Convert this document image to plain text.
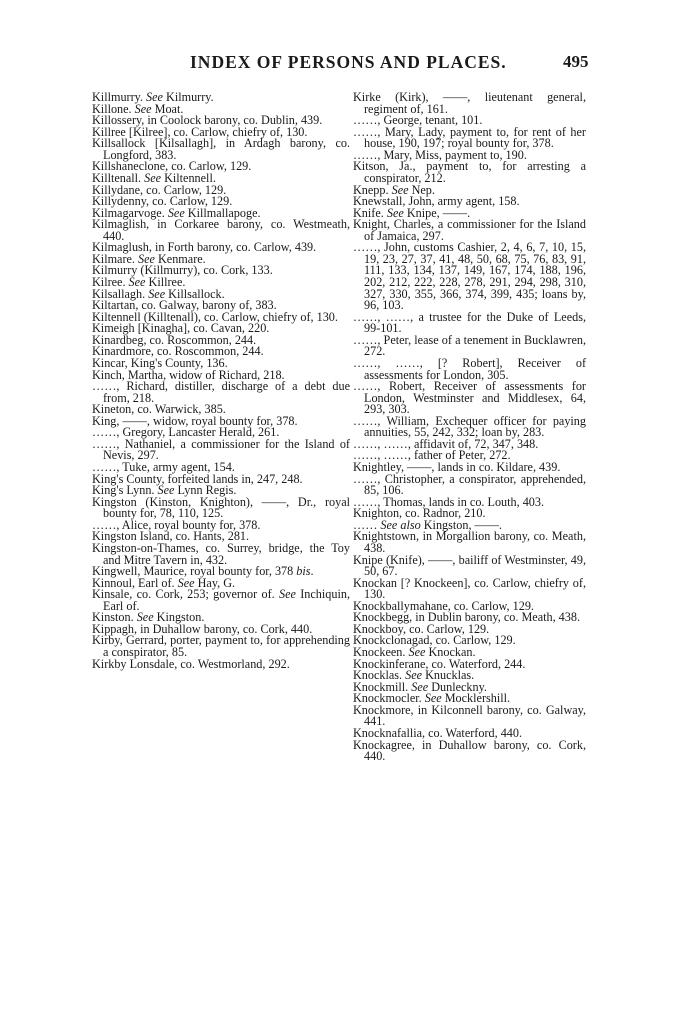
INDEX OF PERSONS AND PLACES.	495

Killmurry. See Kilmurry.

Killone. See Moat.

Killossery, in Coolock barony, co. Dublin, 439.

Killree [Kilree], co. Carlow, chiefry of, 130.

Killsallock [Kilsallagh], in Ardagh barony, co. Longford, 383.

Killshaneclone, co. Carlow, 129.

Killtenall. See Kiltennell.

Killydane, co. Carlow, 129.

Killydenny, co. Carlow, 129.

Kilmagarvoge. See Killmallapoge.

Kilmaglish, in Corkaree barony, co. Westmeath, 440.

Kilmaglush, in Forth barony, co. Carlow, 439.

Kilmare. See Kenmare.

Kilmurry (Killmurry), co. Cork, 133.

Kilree. See Killree.

Kilsallagh. See Killsallock.

Kiltartan, co. Galway, barony of, 383.

Kiltennell (Killtenall), co. Carlow, chiefry of, 130.

Kimeigh [Kinagha], co. Cavan, 220.

Kinardbeg, co. Roscommon, 244.

Kinardmore, co. Roscommon, 244.

Kincar, King's County, 136.

Kinch, Martha, widow of Richard, 218.

……, Richard, distiller, discharge of a debt due from, 218.

Kineton, co. Warwick, 385.

King, ——, widow, royal bounty for, 378.

……, Gregory, Lancaster Herald, 261.

……, Nathaniel, a commissioner for the Island of Nevis, 297.

……, Tuke, army agent, 154.

King's County, forfeited lands in, 247, 248.

King's Lynn. See Lynn Regis.

Kingston (Kinston, Knighton), ——, Dr., royal bounty for, 78, 110, 125.

……, Alice, royal bounty for, 378.

Kingston Island, co. Hants, 281.

Kingston-on-Thames, co. Surrey, bridge, the Toy and Mitre Tavern in, 432.

Kingwell, Maurice, royal bounty for, 378 bis.

Kinnoul, Earl of. See Hay, G.

Kinsale, co. Cork, 253; governor of. See Inchiquin, Earl of.

Kinston. See Kingston.

Kippagh, in Duhallow barony, co. Cork, 440.

Kirby, Gerrard, porter, payment to, for apprehending a conspirator, 85.

Kirkby Lonsdale, co. Westmorland, 292.

Kirke (Kirk), ——, lieutenant general, regiment of, 161.

……, George, tenant, 101.

……, Mary, Lady, payment to, for rent of her house, 190, 197; royal bounty for, 378.

……, Mary, Miss, payment to, 190.

Kitson, Ja., payment to, for arresting a conspirator, 212.

Knepp. See Nep.

Knewstall, John, army agent, 158.

Knife. See Knipe, ——.

Knight, Charles, a commissioner for the Island of Jamaica, 297.

……, John, customs Cashier, 2, 4, 6, 7, 10, 15, 19, 23, 27, 37, 41, 48, 50, 68, 75, 76, 83, 91, 111, 133, 134, 137, 149, 167, 174, 188, 196, 202, 212, 222, 228, 278, 291, 294, 298, 310, 327, 330, 355, 366, 374, 399, 435; loans by, 96, 103.

……, ……, a trustee for the Duke of Leeds, 99-101.

……, Peter, lease of a tenement in Bucklawren, 272.

……, ……, [? Robert], Receiver of assessments for London, 305.

……, Robert, Receiver of assessments for London, Westminster and Middlesex, 64, 293, 303.

……, William, Exchequer officer for paying annuities, 55, 242, 332; loan by, 283.

……, ……, affidavit of, 72, 347, 348.

……, ……, father of Peter, 272.

Knightley, ——, lands in co. Kildare, 439.

……, Christopher, a conspirator, apprehended, 85, 106.

……, Thomas, lands in co. Louth, 403.

Knighton, co. Radnor, 210.

…… See also Kingston, ——.

Knightstown, in Morgallion barony, co. Meath, 438.

Knipe (Knife), ——, bailiff of Westminster, 49, 50, 67.

Knockan [? Knockeen], co. Carlow, chiefry of, 130.

Knockballymahane, co. Carlow, 129.

Knockbegg, in Dublin barony, co. Meath, 438.

Knockboy, co. Carlow, 129.

Knockclonagad, co. Carlow, 129.

Knockeen. See Knockan.

Knockinferane, co. Waterford, 244.

Knocklas. See Knucklas.

Knockmill. See Dunleckny.

Knockmocler. See Mocklershill.

Knockmore, in Kilconnell barony, co. Galway, 441.

Knocknafallia, co. Waterford, 440.

Knockagree, in Duhallow barony, co. Cork, 440.
